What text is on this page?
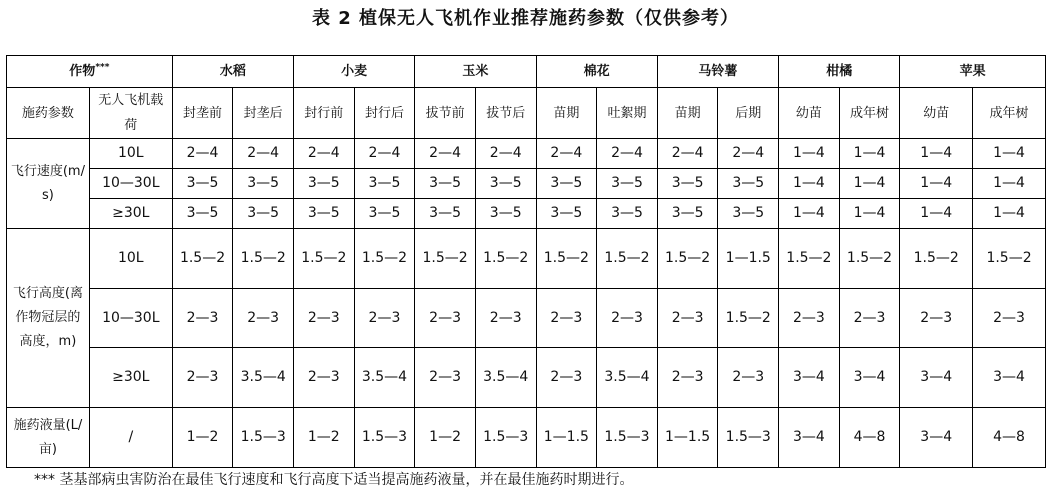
表 2 植保无人飞机作业推荐施药参数（仅供参考）
作物***		水稻		小麦		玉米		棉花		马铃薯		柑橘		苹果	
施药参数	无人飞机载荷	封垄前	封垄后	封行前	封行后	拔节前	拔节后	苗期	吐絮期	苗期	后期	幼苗	成年树	幼苗	成年树
飞行速度(m/s)	10L	2—4	2—4	2—4	2—4	2—4	2—4	2—4	2—4	2—4	2—4	1—4	1—4	1—4	1—4
	10—30L	3—5	3—5	3—5	3—5	3—5	3—5	3—5	3—5	3—5	3—5	1—4	1—4	1—4	1—4
	≥30L	3—5	3—5	3—5	3—5	3—5	3—5	3—5	3—5	3—5	3—5	1—4	1—4	1—4	1—4
飞行高度(离作物冠层的高度，m)	10L	1.5—2	1.5—2	1.5—2	1.5—2	1.5—2	1.5—2	1.5—2	1.5—2	1.5—2	1—1.5	1.5—2	1.5—2	1.5—2	1.5—2
	10—30L	2—3	2—3	2—3	2—3	2—3	2—3	2—3	2—3	2—3	1.5—2	2—3	2—3	2—3	2—3
	≥30L	2—3	3.5—4	2—3	3.5—4	2—3	3.5—4	2—3	3.5—4	2—3	2—3	3—4	3—4	3—4	3—4
施药液量(L/亩)	/	1—2	1.5—3	1—2	1.5—3	1—2	1.5—3	1—1.5	1.5—3	1—1.5	1.5—3	3—4	4—8	3—4	4—8
*** 茎基部病虫害防治在最佳飞行速度和飞行高度下适当提高施药液量，并在最佳施药时期进行。
